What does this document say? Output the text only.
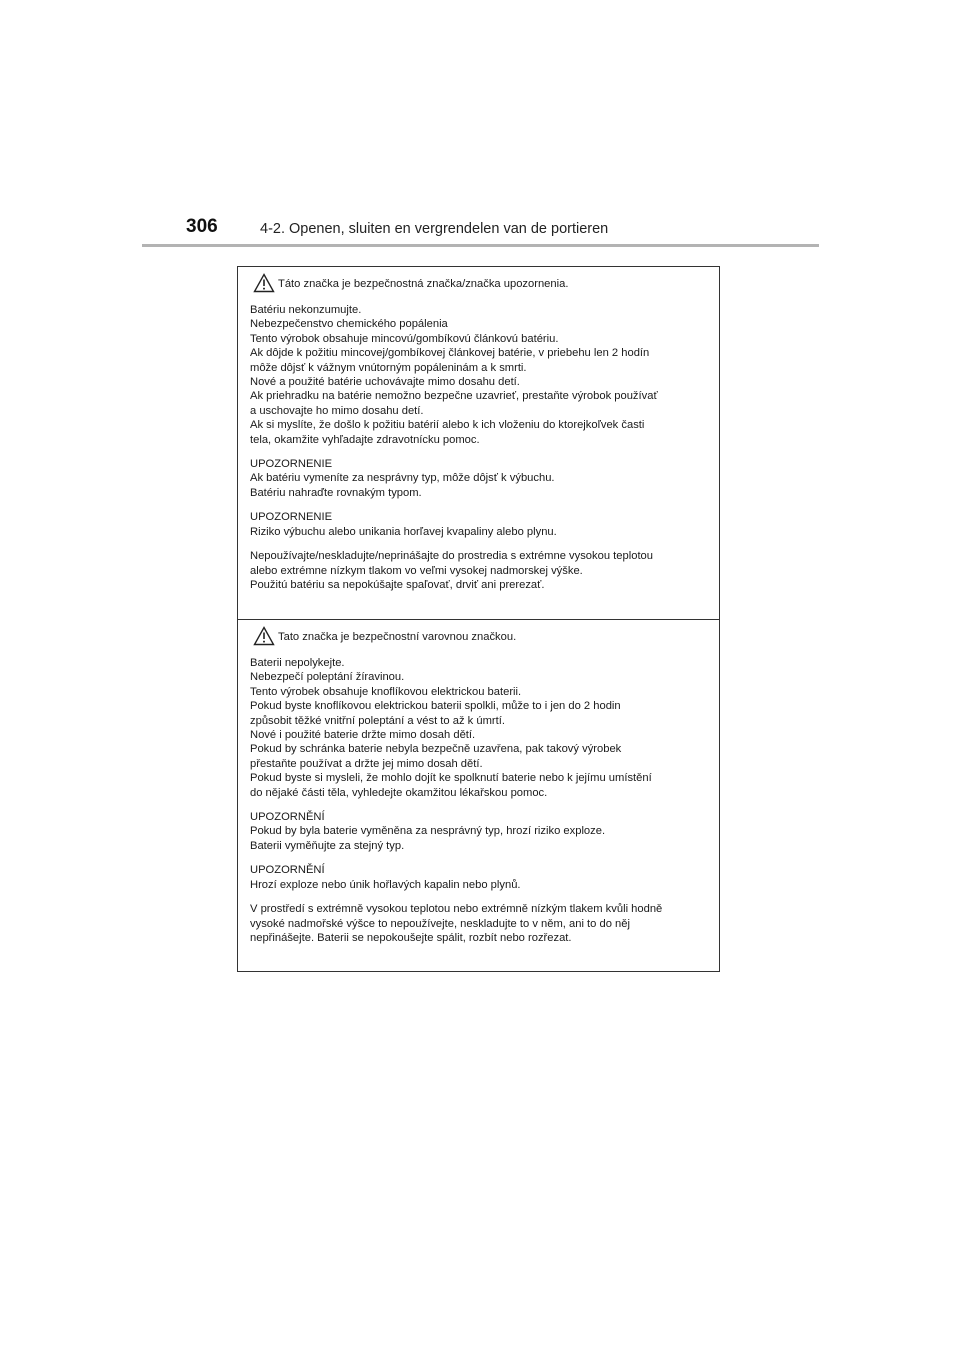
306	4-2. Openen, sluiten en vergrendelen van de portieren
Táto značka je bezpečnostná značka/značka upozornenia.
Batériu nekonzumujte.
Nebezpečenstvo chemického popálenia
Tento výrobok obsahuje mincovú/gombíkovú článkovú batériu.
Ak dôjde k požitiu mincovej/gombíkovej článkovej batérie, v priebehu len 2 hodín
môže dôjsť k vážnym vnútorným popáleninám a k smrti.
Nové a použité batérie uchovávajte mimo dosahu detí.
Ak priehradku na batérie nemožno bezpečne uzavrieť, prestaňte výrobok používať
a uschovajte ho mimo dosahu detí.
Ak si myslíte, že došlo k požitiu batérií alebo k ich vloženiu do ktorejkoľvek časti
tela, okamžite vyhľadajte zdravotnícku pomoc.
UPOZORNENIE
Ak batériu vymeníte za nesprávny typ, môže dôjsť k výbuchu.
Batériu nahraďte rovnakým typom.
UPOZORNENIE
Riziko výbuchu alebo unikania horľavej kvapaliny alebo plynu.
Nepoužívajte/neskladujte/neprinášajte do prostredia s extrémne vysokou teplotou
alebo extrémne nízkym tlakom vo veľmi vysokej nadmorskej výške.
Použitú batériu sa nepokúšajte spaľovať, drviť ani prerezať.
Tato značka je bezpečnostní varovnou značkou.
Baterii nepolykejte.
Nebezpečí poleptání žíravinou.
Tento výrobek obsahuje knoflíkovou elektrickou baterii.
Pokud byste knoflíkovou elektrickou baterii spolkli, může to i jen do 2 hodin
způsobit těžké vnitřní poleptání a vést to až k úmrtí.
Nové i použité baterie držte mimo dosah dětí.
Pokud by schránka baterie nebyla bezpečně uzavřena, pak takový výrobek
přestaňte používat a držte jej mimo dosah dětí.
Pokud byste si mysleli, že mohlo dojít ke spolknutí baterie nebo k jejímu umístění
do nějaké části těla, vyhledejte okamžitou lékařskou pomoc.
UPOZORNĚNÍ
Pokud by byla baterie vyměněna za nesprávný typ, hrozí riziko exploze.
Baterii vyměňujte za stejný typ.
UPOZORNĚNÍ
Hrozí exploze nebo únik hořlavých kapalin nebo plynů.
V prostředí s extrémně vysokou teplotou nebo extrémně nízkým tlakem kvůli hodně
vysoké nadmořské výšce to nepoužívejte, neskladujte to v něm, ani to do něj
nepřinášejte. Baterii se nepokoušejte spálit, rozbít nebo rozřezat.
